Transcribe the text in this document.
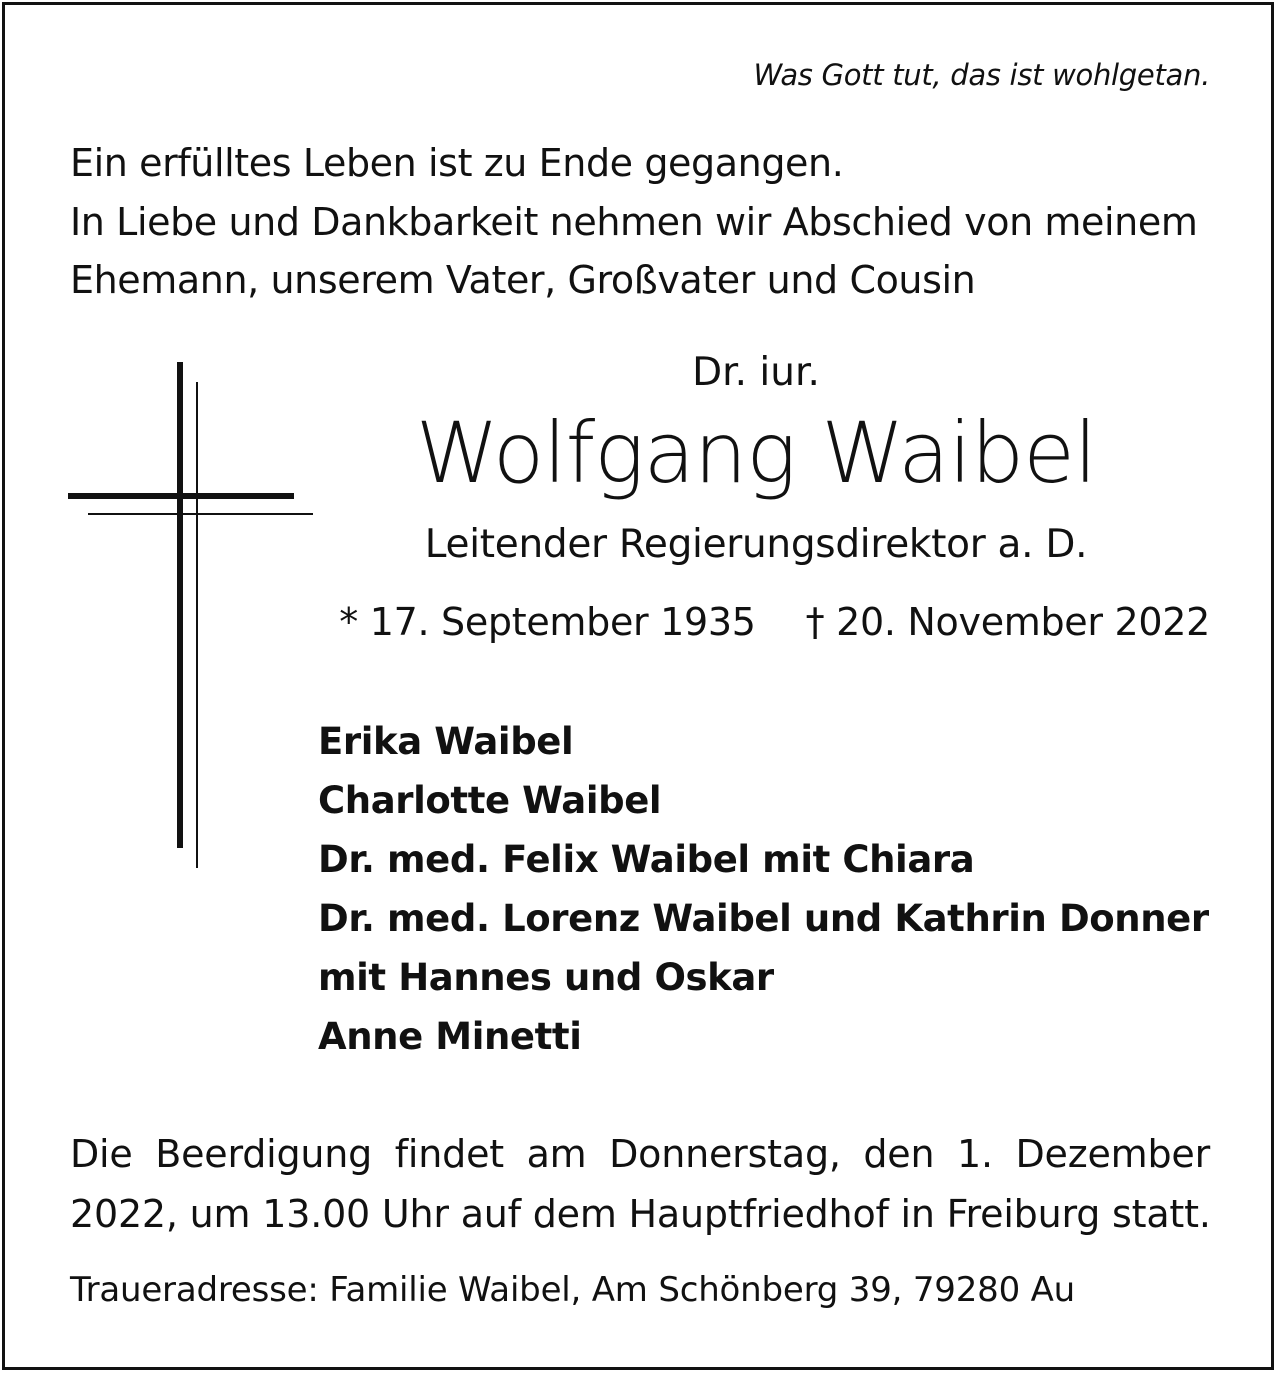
Was Gott tut, das ist wohlgetan.
Ein erfülltes Leben ist zu Ende gegangen.
In Liebe und Dankbarkeit nehmen wir Abschied von meinem
Ehemann, unserem Vater, Großvater und Cousin
Dr. iur.
Wolfgang Waibel
Leitender Regierungsdirektor a. D.
* 17. September 1935 † 20. November 2022
Erika Waibel
Charlotte Waibel
Dr. med. Felix Waibel mit Chiara
Dr. med. Lorenz Waibel und Kathrin Donner
mit Hannes und Oskar
Anne Minetti
Die Beerdigung findet am Donnerstag, den 1. Dezember
2022, um 13.00 Uhr auf dem Hauptfriedhof in Freiburg statt.
Traueradresse: Familie Waibel, Am Schönberg 39, 79280 Au
